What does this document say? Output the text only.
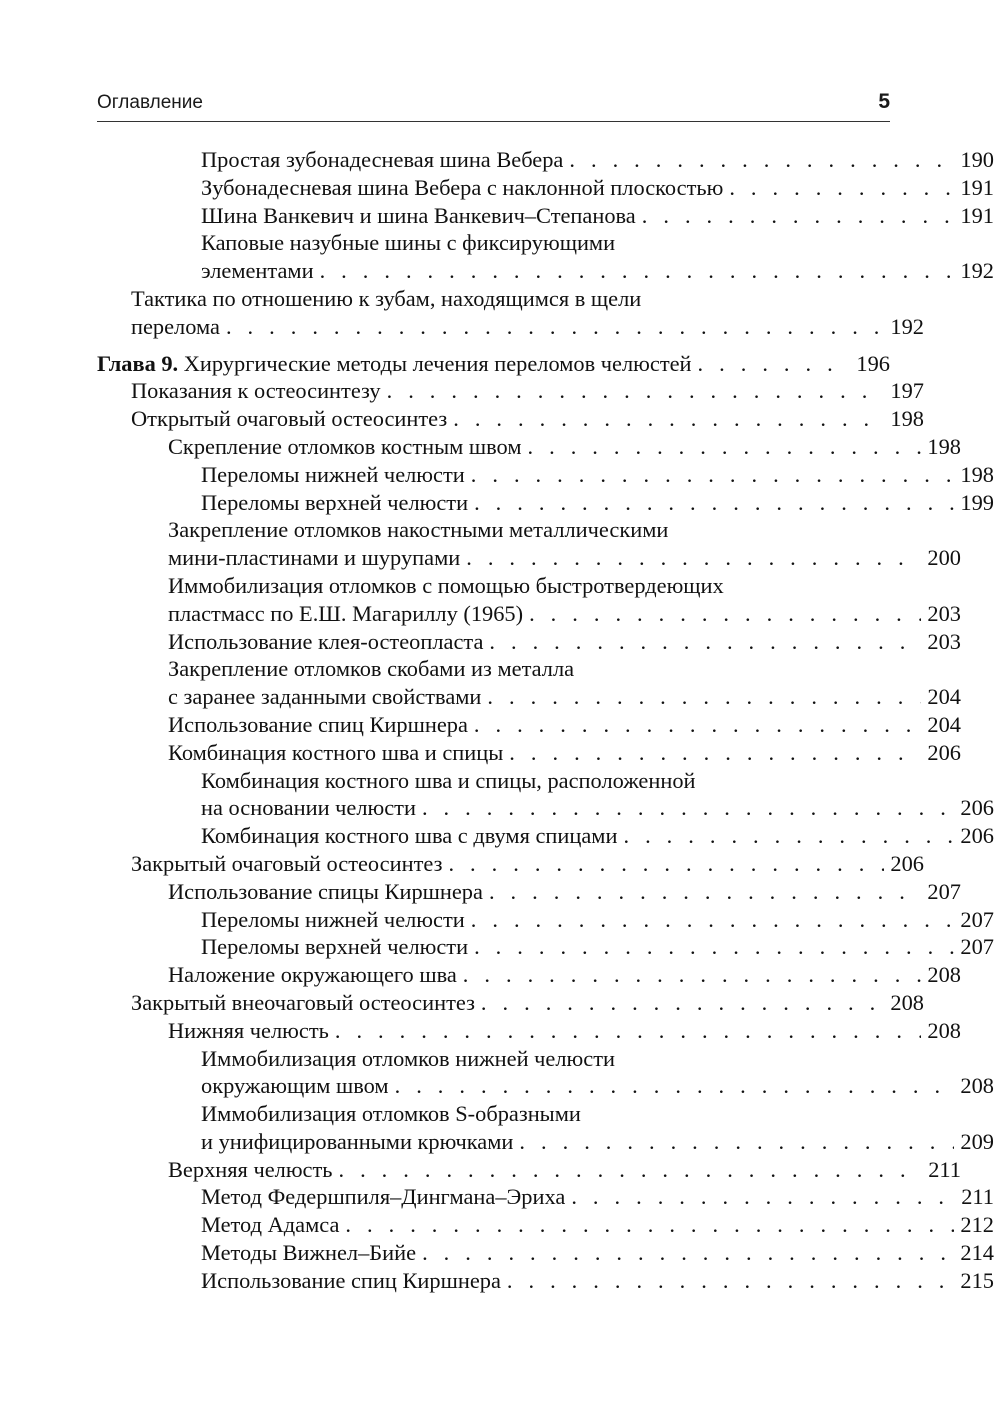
Оглавление	5
Простая зубонадесневая шина Вебера . . .	190
Зубонадесневая шина Вебера с наклонной плоскостью . . .	191
Шина Ванкевич и шина Ванкевич–Степанова . . .	191
Каповые назубные шины с фиксирующими
элементами . . .	192
Тактика по отношению к зубам, находящимся в щели
перелома . . .	192
Глава 9. Хирургические методы лечения переломов челюстей . . .	196
Показания к остеосинтезу . . .	197
Открытый очаговый остеосинтез . . .	198
Скрепление отломков костным швом . . .	198
Переломы нижней челюсти . . .	198
Переломы верхней челюсти . . .	199
Закрепление отломков накостными металлическими
мини-пластинами и шурупами . . .	200
Иммобилизация отломков с помощью быстротвердеющих
пластмасс по Е.Ш. Магариллу (1965) . . .	203
Использование клея-остеопласта . . .	203
Закрепление отломков скобами из металла
с заранее заданными свойствами . . .	204
Использование спиц Киршнера . . .	204
Комбинация костного шва и спицы . . .	206
Комбинация костного шва и спицы, расположенной
на основании челюсти . . .	206
Комбинация костного шва с двумя спицами . . .	206
Закрытый очаговый остеосинтез . . .	206
Использование спицы Киршнера . . .	207
Переломы нижней челюсти . . .	207
Переломы верхней челюсти . . .	207
Наложение окружающего шва . . .	208
Закрытый внеочаговый остеосинтез . . .	208
Нижняя челюсть . . .	208
Иммобилизация отломков нижней челюсти
окружающим швом . . .	208
Иммобилизация отломков S-образными
и унифицированными крючками . . .	209
Верхняя челюсть . . .	211
Метод Федершпиля–Дингмана–Эриха . . .	211
Метод Адамса . . .	212
Методы Вижнел–Бийе . . .	214
Использование спиц Киршнера . . .	215
